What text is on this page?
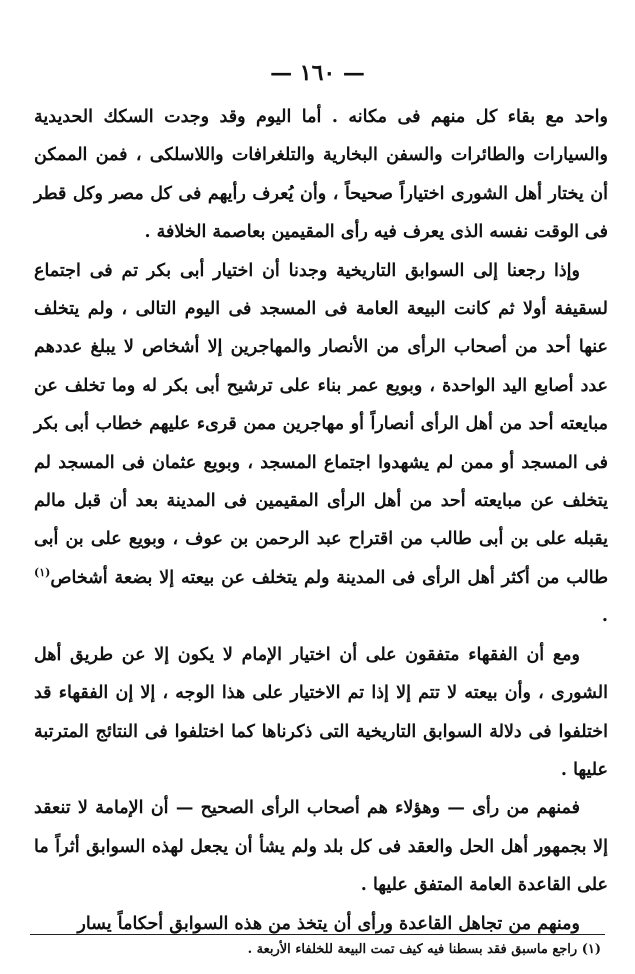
— ١٦٠ —

واحد مع بقاء كل منهم فى مكانه . أما اليوم وقد وجدت السكك الحديدية والسيارات والطائرات والسفن البخارية والتلغرافات واللاسلكى ، فمن الممكن أن يختار أهل الشورى اختياراً صحيحاً ، وأن يُعرف رأيهم فى كل مصر وكل قطر فى الوقت نفسه الذى يعرف فيه رأى المقيمين بعاصمة الخلافة .

وإذا رجعنا إلى السوابق التاريخية وجدنا أن اختيار أبى بكر تم فى اجتماع لسقيفة أولا ثم كانت البيعة العامة فى المسجد فى اليوم التالى ، ولم يتخلف عنها أحد من أصحاب الرأى من الأنصار والمهاجرين إلا أشخاص لا يبلغ عددهم عدد أصابع اليد الواحدة ، وبويع عمر بناء على ترشيح أبى بكر له وما تخلف عن مبايعته أحد من أهل الرأى أنصاراً أو مهاجرين ممن قرىء عليهم خطاب أبى بكر فى المسجد أو ممن لم يشهدوا اجتماع المسجد ، وبويع عثمان فى المسجد لم يتخلف عن مبايعته أحد من أهل الرأى المقيمين فى المدينة بعد أن قبل مالم يقبله على بن أبى طالب من اقتراح عبد الرحمن بن عوف ، وبويع على بن أبى طالب من أكثر أهل الرأى فى المدينة ولم يتخلف عن بيعته إلا بضعة أشخاص$^{(١)}$ .

ومع أن الفقهاء متفقون على أن اختيار الإمام لا يكون إلا عن طريق أهل الشورى ، وأن بيعته لا تتم إلا إذا تم الاختيار على هذا الوجه ، إلا إن الفقهاء قد اختلفوا فى دلالة السوابق التاريخية التى ذكرناها كما اختلفوا فى النتائج المترتبة عليها .

فمنهم من رأى — وهؤلاء هم أصحاب الرأى الصحيح — أن الإمامة لا تنعقد إلا بجمهور أهل الحل والعقد فى كل بلد ولم يشأ أن يجعل لهذه السوابق أثراً ما على القاعدة العامة المتفق عليها .

ومنهم من تجاهل القاعدة ورأى أن يتخذ من هذه السوابق أحكاماً يسار

(١) راجع ماسبق فقد بسطنا فيه كيف تمت البيعة للخلفاء الأربعة .
